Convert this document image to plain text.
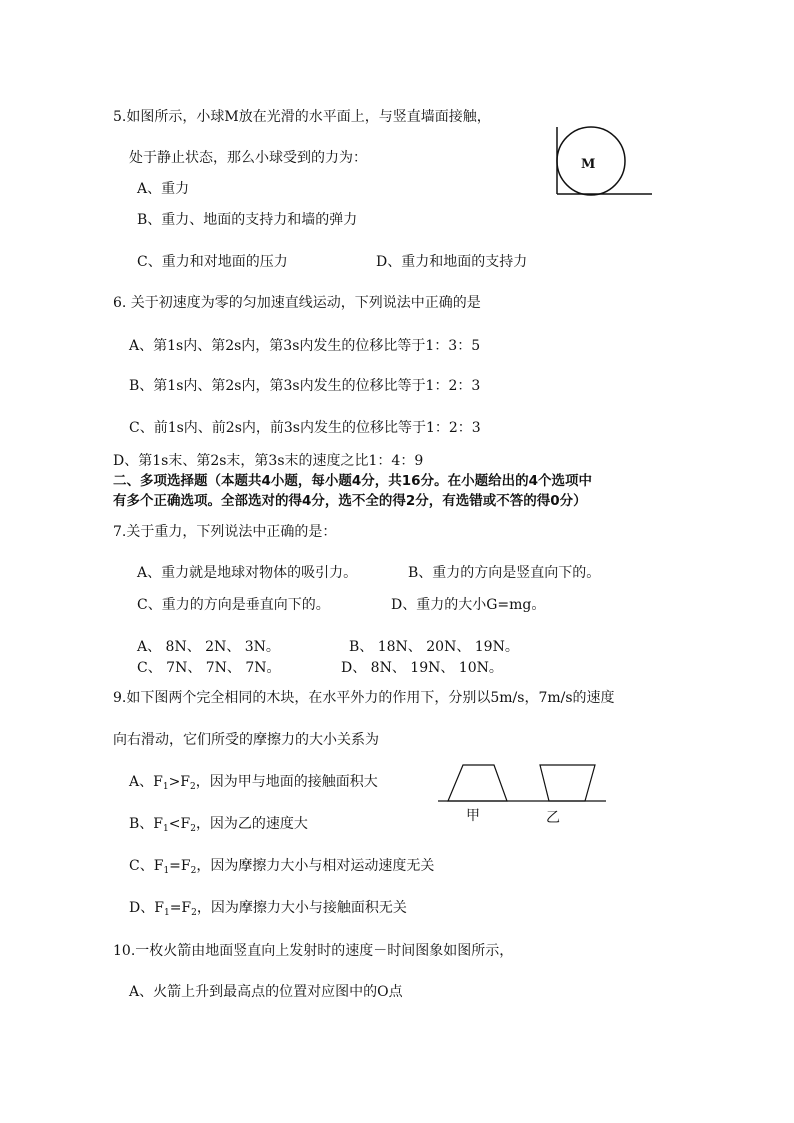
5.如图所示，小球M放在光滑的水平面上，与竖直墙面接触，
处于静止状态，那么小球受到的力为：
A、重力
B、重力、地面的支持力和墙的弹力
C、重力和对地面的压力	D、重力和地面的支持力
M
6. 关于初速度为零的匀加速直线运动，下列说法中正确的是
A、第1s内、第2s内，第3s内发生的位移比等于1：3：5
B、第1s内、第2s内，第3s内发生的位移比等于1：2：3
C、前1s内、前2s内，前3s内发生的位移比等于1：2：3
D、第1s末、第2s末，第3s末的速度之比1：4：9
二、多项选择题（本题共4小题，每小题4分，共16分。在小题给出的4个选项中
有多个正确选项。全部选对的得4分，选不全的得2分，有选错或不答的得0分）
7.关于重力，下列说法中正确的是：
A、重力就是地球对物体的吸引力。	B、重力的方向是竖直向下的。
C、重力的方向是垂直向下的。	D、重力的大小G=mg。
A、 8N、 2N、 3N。	B、 18N、 20N、 19N。
C、 7N、 7N、 7N。	D、 8N、 19N、 10N。
9.如下图两个完全相同的木块，在水平外力的作用下，分别以5m/s，7m/s的速度
向右滑动，它们所受的摩擦力的大小关系为
A、$F_1>F_2$，因为甲与地面的接触面积大
B、$F_1<F_2$，因为乙的速度大
C、$F_1=F_2$，因为摩擦力大小与相对运动速度无关
D、$F_1=F_2$，因为摩擦力大小与接触面积无关
甲	乙
10.一枚火箭由地面竖直向上发射时的速度－时间图象如图所示，
A、火箭上升到最高点的位置对应图中的O点
